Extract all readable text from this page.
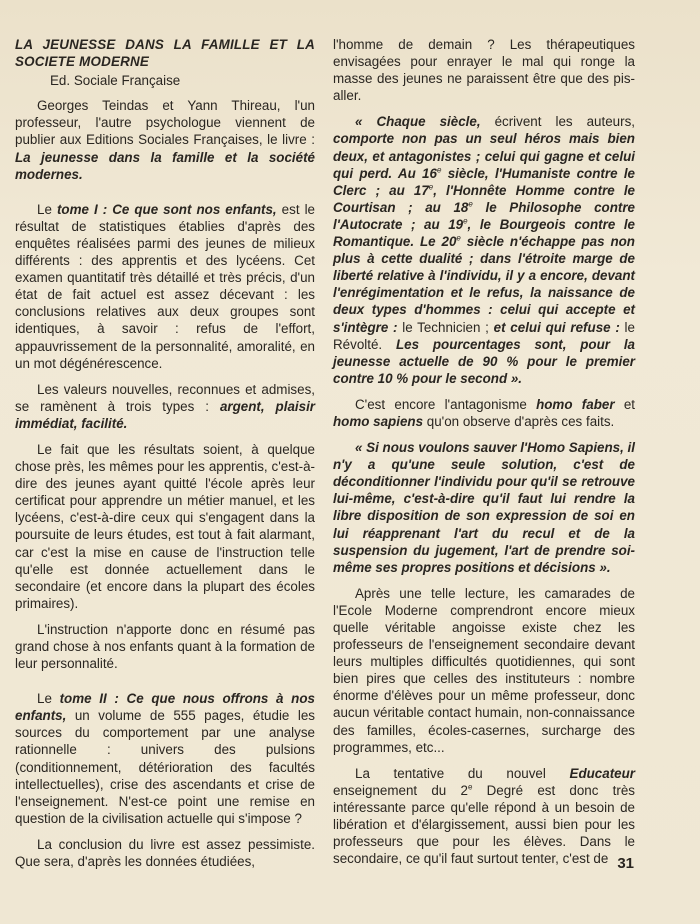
LA JEUNESSE DANS LA FAMILLE ET LA SOCIETE MODERNE

Ed. Sociale Française

Georges Teindas et Yann Thireau, l'un professeur, l'autre psychologue viennent de publier aux Editions Sociales Françaises, le livre : La jeunesse dans la famille et la société modernes.

Le tome I : Ce que sont nos enfants, est le résultat de statistiques établies d'après des enquêtes réalisées parmi des jeunes de milieux différents : des apprentis et des lycéens. Cet examen quantitatif très détaillé et très précis, d'un état de fait actuel est assez décevant : les conclusions relatives aux deux groupes sont identiques, à savoir : refus de l'effort, appauvrissement de la personnalité, amoralité, en un mot dégénérescence.

Les valeurs nouvelles, reconnues et admises, se ramènent à trois types : argent, plaisir immédiat, facilité.

Le fait que les résultats soient, à quelque chose près, les mêmes pour les apprentis, c'est-à-dire des jeunes ayant quitté l'école après leur certificat pour apprendre un métier manuel, et les lycéens, c'est-à-dire ceux qui s'engagent dans la poursuite de leurs études, est tout à fait alarmant, car c'est la mise en cause de l'instruction telle qu'elle est donnée actuellement dans le secondaire (et encore dans la plupart des écoles primaires).

L'instruction n'apporte donc en résumé pas grand chose à nos enfants quant à la formation de leur personnalité.

Le tome II : Ce que nous offrons à nos enfants, un volume de 555 pages, étudie les sources du comportement par une analyse rationnelle : univers des pulsions (conditionnement, détérioration des facultés intellectuelles), crise des ascendants et crise de l'enseignement. N'est-ce point une remise en question de la civilisation actuelle qui s'impose ?

La conclusion du livre est assez pessimiste. Que sera, d'après les données étudiées,

l'homme de demain ? Les thérapeutiques envisagées pour enrayer le mal qui ronge la masse des jeunes ne paraissent être que des pis-aller.

« Chaque siècle, écrivent les auteurs, comporte non pas un seul héros mais bien deux, et antagonistes ; celui qui gagne et celui qui perd. Au 16e siècle, l'Humaniste contre le Clerc ; au 17e, l'Honnête Homme contre le Courtisan ; au 18e le Philosophe contre l'Autocrate ; au 19e, le Bourgeois contre le Romantique. Le 20e siècle n'échappe pas non plus à cette dualité ; dans l'étroite marge de liberté relative à l'individu, il y a encore, devant l'enrégimentation et le refus, la naissance de deux types d'hommes : celui qui accepte et s'intègre : le Technicien ; et celui qui refuse : le Révolté. Les pourcentages sont, pour la jeunesse actuelle de 90 % pour le premier contre 10 % pour le second ».

C'est encore l'antagonisme homo faber et homo sapiens qu'on observe d'après ces faits.

« Si nous voulons sauver l'Homo Sapiens, il n'y a qu'une seule solution, c'est de déconditionner l'individu pour qu'il se retrouve lui-même, c'est-à-dire qu'il faut lui rendre la libre disposition de son expression de soi en lui réapprenant l'art du recul et de la suspension du jugement, l'art de prendre soi-même ses propres positions et décisions ».

Après une telle lecture, les camarades de l'Ecole Moderne comprendront encore mieux quelle véritable angoisse existe chez les professeurs de l'enseignement secondaire devant leurs multiples difficultés quotidiennes, qui sont bien pires que celles des instituteurs : nombre énorme d'élèves pour un même professeur, donc aucun véritable contact humain, non-connaissance des familles, écoles-casernes, surcharge des programmes, etc...

La tentative du nouvel Educateur enseignement du 2e Degré est donc très intéressante parce qu'elle répond à un besoin de libération et d'élargissement, aussi bien pour les professeurs que pour les élèves. Dans le secondaire, ce qu'il faut surtout tenter, c'est de 31
